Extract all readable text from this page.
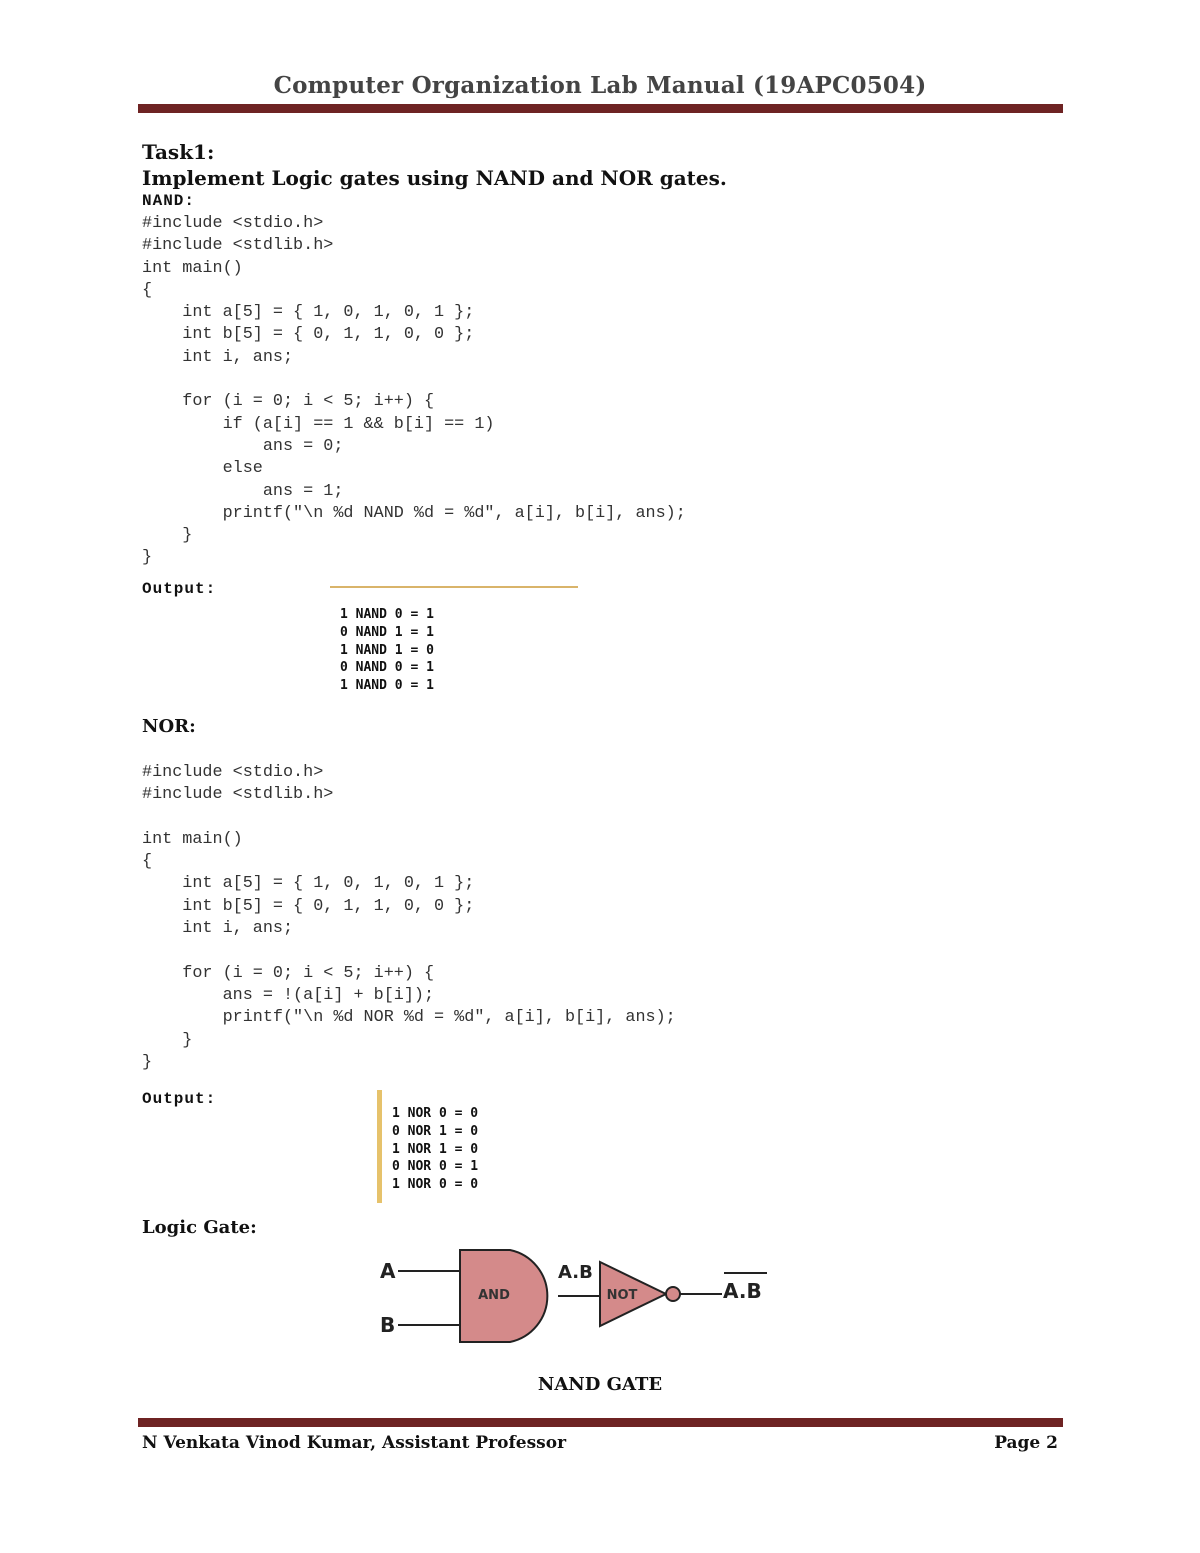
Computer Organization Lab Manual (19APC0504)
Task1:
Implement Logic gates using NAND and NOR gates.
NAND:
#include <stdio.h>
#include <stdlib.h>
int main()
{
int a[5] = { 1, 0, 1, 0, 1 };
int b[5] = { 0, 1, 1, 0, 0 };
int i, ans;

for (i = 0; i < 5; i++) {
if (a[i] == 1 && b[i] == 1)
ans = 0;
else
ans = 1;
printf("\n %d NAND %d = %d", a[i], b[i], ans);
}
}
Output:
1 NAND 0 = 1
0 NAND 1 = 1
1 NAND 1 = 0
0 NAND 0 = 1
1 NAND 0 = 1
NOR:
#include <stdio.h>
#include <stdlib.h>

int main()
{
int a[5] = { 1, 0, 1, 0, 1 };
int b[5] = { 0, 1, 1, 0, 0 };
int i, ans;

for (i = 0; i < 5; i++) {
ans = !(a[i] + b[i]);
printf("\n %d NOR %d = %d", a[i], b[i], ans);
}
}
Output:
1 NOR 0 = 0
0 NOR 1 = 0
1 NOR 1 = 0
0 NOR 0 = 1
1 NOR 0 = 0
Logic Gate:
A
B
AND
A.B
NOT	A.B
NAND GATE
N Venkata Vinod Kumar, Assistant Professor	Page 2
